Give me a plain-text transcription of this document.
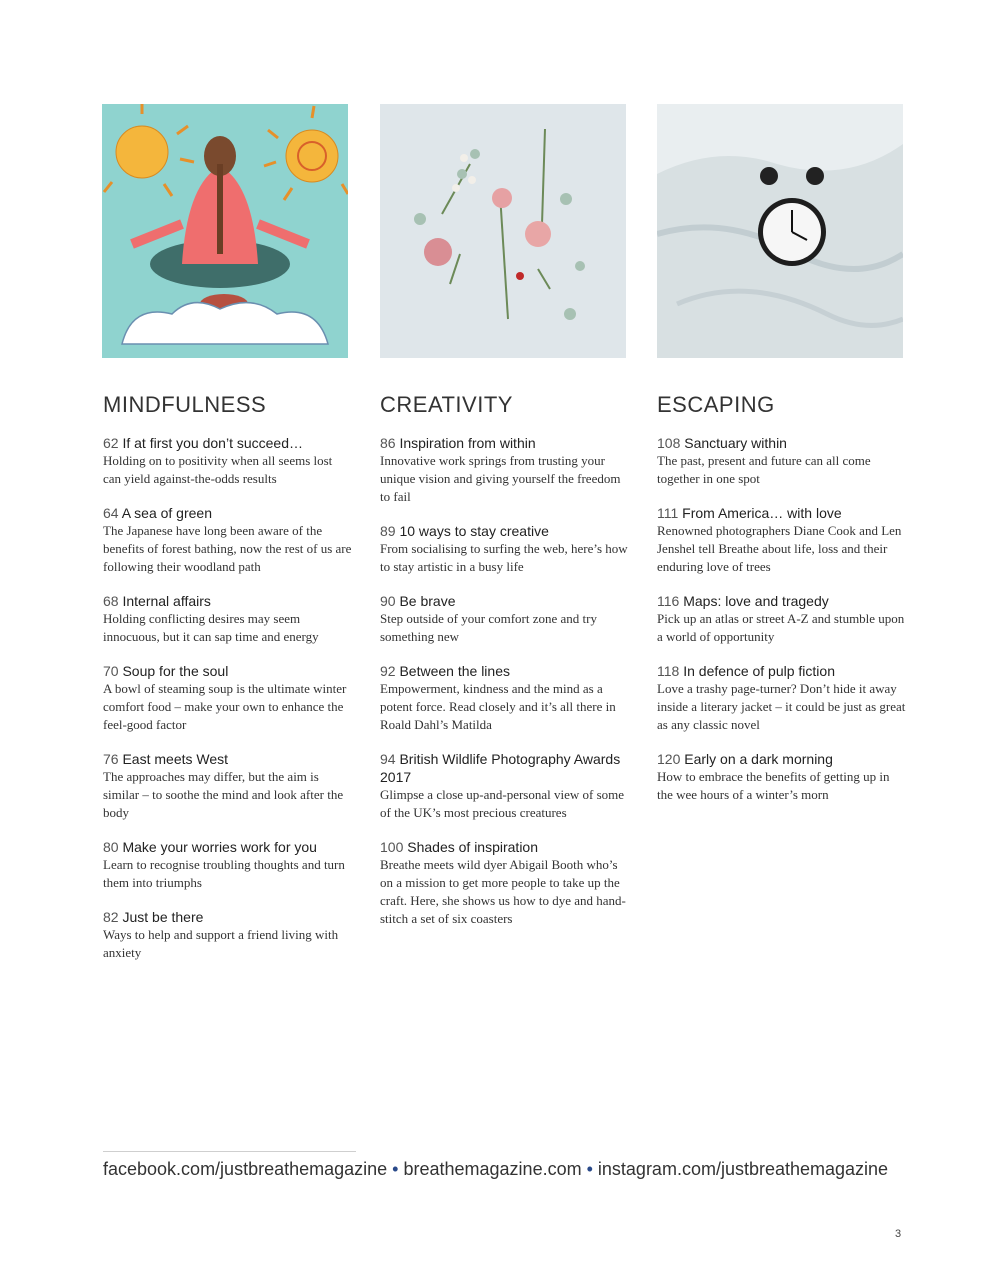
MINDFULNESS
62 If at first you don’t succeed…
Holding on to positivity when all seems lost can yield against-the-odds results
64 A sea of green
The Japanese have long been aware of the benefits of forest bathing, now the rest of us are following their woodland path
68 Internal affairs
Holding conflicting desires may seem innocuous, but it can sap time and energy
70 Soup for the soul
A bowl of steaming soup is the ultimate winter comfort food – make your own to enhance the feel-good factor
76 East meets West
The approaches may differ, but the aim is similar – to soothe the mind and look after the body
80 Make your worries work for you
Learn to recognise troubling thoughts and turn them into triumphs
82 Just be there
Ways to help and support a friend living with anxiety
CREATIVITY
86 Inspiration from within
Innovative work springs from trusting your unique vision and giving yourself the freedom to fail
89 10 ways to stay creative
From socialising to surfing the web, here’s how to stay artistic in a busy life
90 Be brave
Step outside of your comfort zone and try something new
92 Between the lines
Empowerment, kindness and the mind as a potent force. Read closely and it’s all there in Roald Dahl’s Matilda
94 British Wildlife Photography Awards 2017
Glimpse a close up-and-personal view of some of the UK’s most precious creatures
100 Shades of inspiration
Breathe meets wild dyer Abigail Booth who’s on a mission to get more people to take up the craft. Here, she shows us how to dye and hand-stitch a set of six coasters
ESCAPING
108 Sanctuary within
The past, present and future can all come together in one spot
111 From America… with love
Renowned photographers Diane Cook and Len Jenshel tell Breathe about life, loss and their enduring love of trees
116 Maps: love and tragedy
Pick up an atlas or street A-Z and stumble upon a world of opportunity
118 In defence of pulp fiction
Love a trashy page-turner? Don’t hide it away inside a literary jacket – it could be just as great as any classic novel
120 Early on a dark morning
How to embrace the benefits of getting up in the wee hours of a winter’s morn
facebook.com/justbreathemagazine • breathemagazine.com • instagram.com/justbreathemagazine
3
